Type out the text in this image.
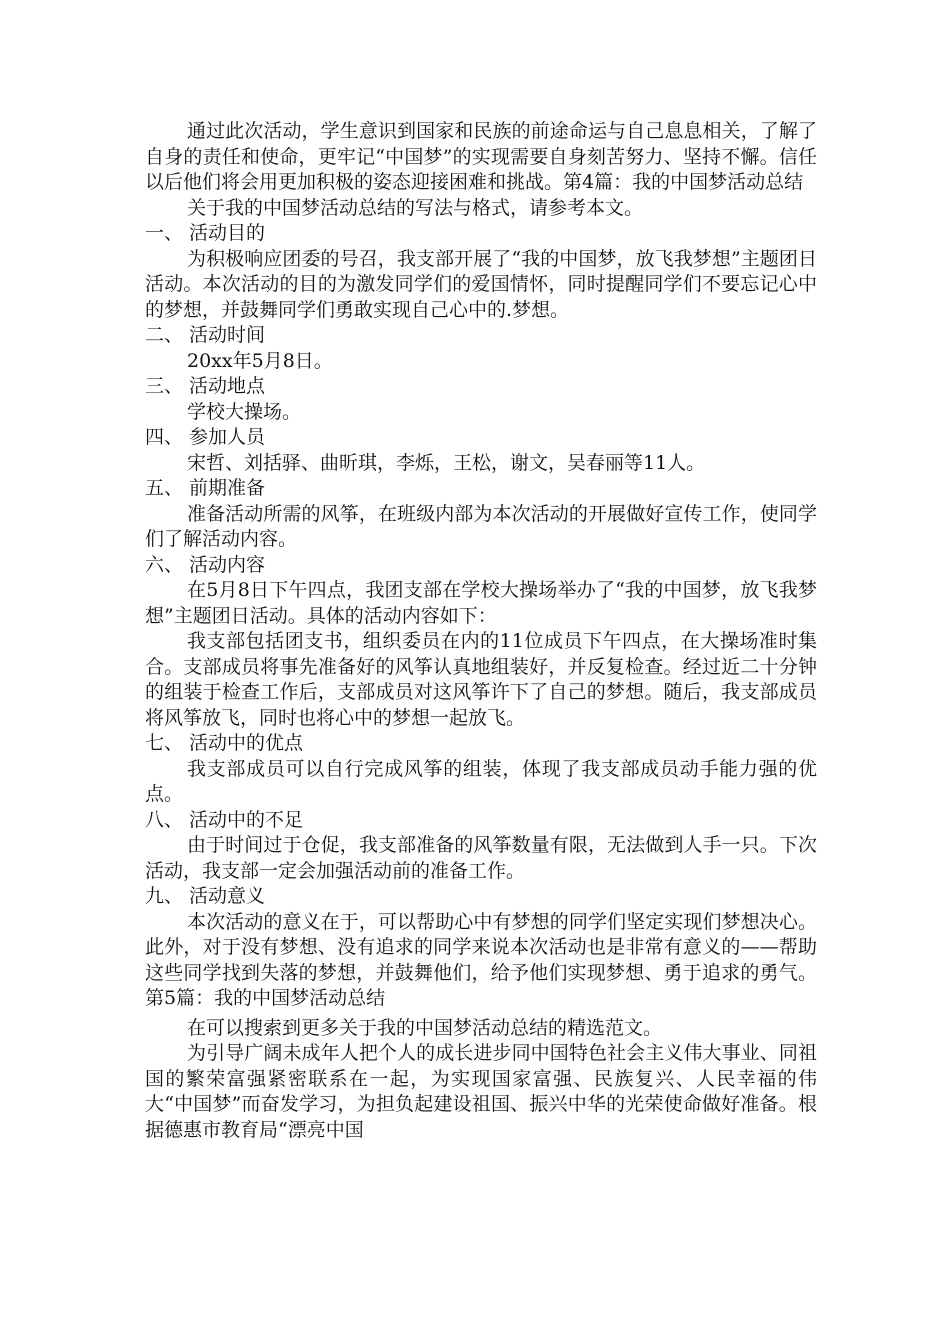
通过此次活动，学生意识到国家和民族的前途命运与自己息息相关，了解了自身的责任和使命，更牢记“中国梦”的实现需要自身刻苦努力、坚持不懈。信任以后他们将会用更加积极的姿态迎接困难和挑战。第4篇：我的中国梦活动总结

关于我的中国梦活动总结的写法与格式，请参考本文。

一、 活动目的

为积极响应团委的号召，我支部开展了“我的中国梦，放飞我梦想”主题团日活动。本次活动的目的为激发同学们的爱国情怀，同时提醒同学们不要忘记心中的梦想，并鼓舞同学们勇敢实现自己心中的.梦想。

二、 活动时间

20xx年5月8日。

三、 活动地点

学校大操场。

四、 参加人员

宋哲、刘括驿、曲昕琪，李烁，王松，谢文，吴春丽等11人。

五、 前期准备

准备活动所需的风筝，在班级内部为本次活动的开展做好宣传工作，使同学们了解活动内容。

六、 活动内容

在5月8日下午四点，我团支部在学校大操场举办了“我的中国梦，放飞我梦想”主题团日活动。具体的活动内容如下：

我支部包括团支书，组织委员在内的11位成员下午四点，在大操场准时集合。支部成员将事先准备好的风筝认真地组装好，并反复检查。经过近二十分钟的组装于检查工作后，支部成员对这风筝许下了自己的梦想。随后，我支部成员将风筝放飞，同时也将心中的梦想一起放飞。

七、 活动中的优点

我支部成员可以自行完成风筝的组装，体现了我支部成员动手能力强的优点。

八、 活动中的不足

由于时间过于仓促，我支部准备的风筝数量有限，无法做到人手一只。下次活动，我支部一定会加强活动前的准备工作。

九、 活动意义

本次活动的意义在于，可以帮助心中有梦想的同学们坚定实现们梦想决心。此外，对于没有梦想、没有追求的同学来说本次活动也是非常有意义的——帮助这些同学找到失落的梦想，并鼓舞他们，给予他们实现梦想、勇于追求的勇气。第5篇：我的中国梦活动总结

在可以搜索到更多关于我的中国梦活动总结的精选范文。

为引导广阔未成年人把个人的成长进步同中国特色社会主义伟大事业、同祖国的繁荣富强紧密联系在一起，为实现国家富强、民族复兴、人民幸福的伟大“中国梦”而奋发学习，为担负起建设祖国、振兴中华的光荣使命做好准备。根据德惠市教育局“漂亮中国
